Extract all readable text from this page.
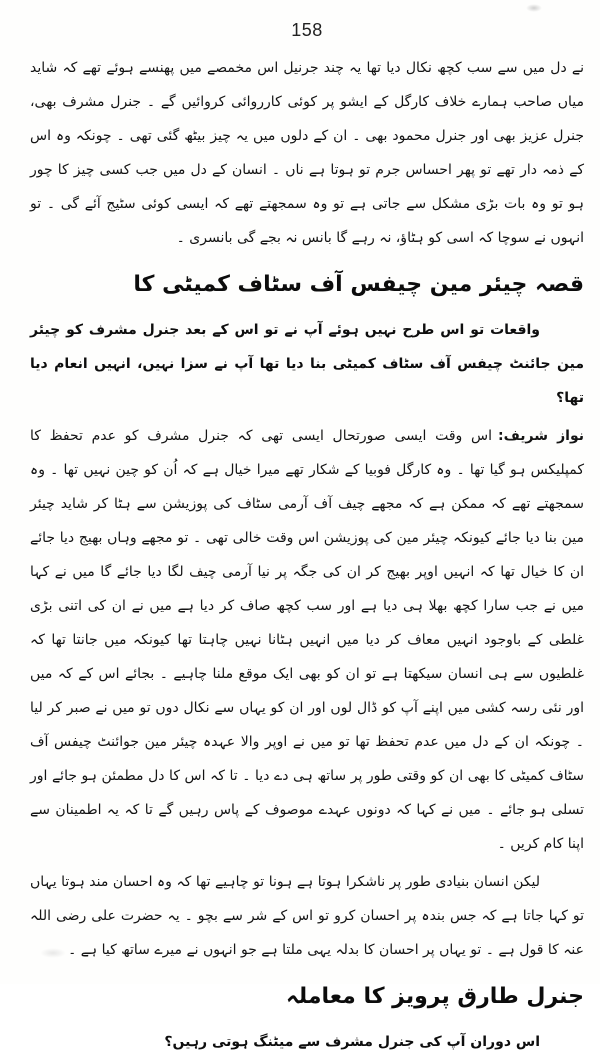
158

نے دل میں سے سب کچھ نکال دیا تھا یہ چند جرنیل اس مخمصے میں پھنسے ہوئے تھے کہ شاید میاں صاحب ہمارے خلاف کارگل کے ایشو پر کوئی کارروائی کروائیں گے ۔ جنرل مشرف بھی، جنرل عزیز بھی اور جنرل محمود بھی ۔ ان کے دلوں میں یہ چیز بیٹھ گئی تھی ۔ چونکہ وہ اس کے ذمہ دار تھے تو پھر احساس جرم تو ہوتا ہے ناں ۔ انسان کے دل میں جب کسی چیز کا چور ہو تو وہ بات بڑی مشکل سے جاتی ہے تو وہ سمجھتے تھے کہ ایسی کوئی سٹیج آئے گی ۔ تو انہوں نے سوچا کہ اسی کو ہٹاؤ، نہ رہے گا بانس نہ بجے گی بانسری ۔

قصہ چیئر مین چیفس آف سٹاف کمیٹی کا

واقعات تو اس طرح نہیں ہوئے آپ نے تو اس کے بعد جنرل مشرف کو چیئر مین جائنٹ چیفس آف سٹاف کمیٹی بنا دیا تھا آپ نے سزا نہیں، انہیں انعام دیا تھا؟

نواز شریف:اس وقت ایسی صورتحال ایسی تھی کہ جنرل مشرف کو عدم تحفظ کا کمپلیکس ہو گیا تھا ۔ وہ کارگل فوبیا کے شکار تھے میرا خیال ہے کہ اُن کو چین نہیں تھا ۔ وہ سمجھتے تھے کہ ممکن ہے کہ مجھے چیف آف آرمی سٹاف کی پوزیشن سے ہٹا کر شاید چیئر مین بنا دیا جائے کیونکہ چیئر مین کی پوزیشن اس وقت خالی تھی ۔ تو مجھے وہاں بھیج دیا جائے ان کا خیال تھا کہ انہیں اوپر بھیج کر ان کی جگہ پر نیا آرمی چیف لگا دیا جائے گا میں نے کہا میں نے جب سارا کچھ بھلا ہی دیا ہے اور سب کچھ صاف کر دیا ہے میں نے ان کی اتنی بڑی غلطی کے باوجود انہیں معاف کر دیا میں انہیں ہٹانا نہیں چاہتا تھا کیونکہ میں جانتا تھا کہ غلطیوں سے ہی انسان سیکھتا ہے تو ان کو بھی ایک موقع ملنا چاہیے ۔ بجائے اس کے کہ میں اور نئی رسہ کشی میں اپنے آپ کو ڈال لوں اور ان کو یہاں سے نکال دوں تو میں نے صبر کر لیا ۔ چونکہ ان کے دل میں عدم تحفظ تھا تو میں نے اوپر والا عہدہ چیئر مین جوائنٹ چیفس آف سٹاف کمیٹی کا بھی ان کو وقتی طور پر ساتھ ہی دے دیا ۔ تا کہ اس کا دل مطمئن ہو جائے اور تسلی ہو جائے ۔ میں نے کہا کہ دونوں عہدے موصوف کے پاس رہیں گے تا کہ یہ اطمینان سے اپنا کام کریں ۔

لیکن انسان بنیادی طور پر ناشکرا ہوتا ہے ہونا تو چاہیے تھا کہ وہ احسان مند ہوتا یہاں تو کہا جاتا ہے کہ جس بندہ پر احسان کرو تو اس کے شر سے بچو ۔ یہ حضرت علی رضی اللہ عنہ کا قول ہے ۔ تو یہاں پر احسان کا بدلہ یہی ملتا ہے جو انہوں نے میرے ساتھ کیا ہے ۔

جنرل طارق پرویز کا معاملہ

اس دوران آپ کی جنرل مشرف سے میٹنگ ہوتی رہیں؟
